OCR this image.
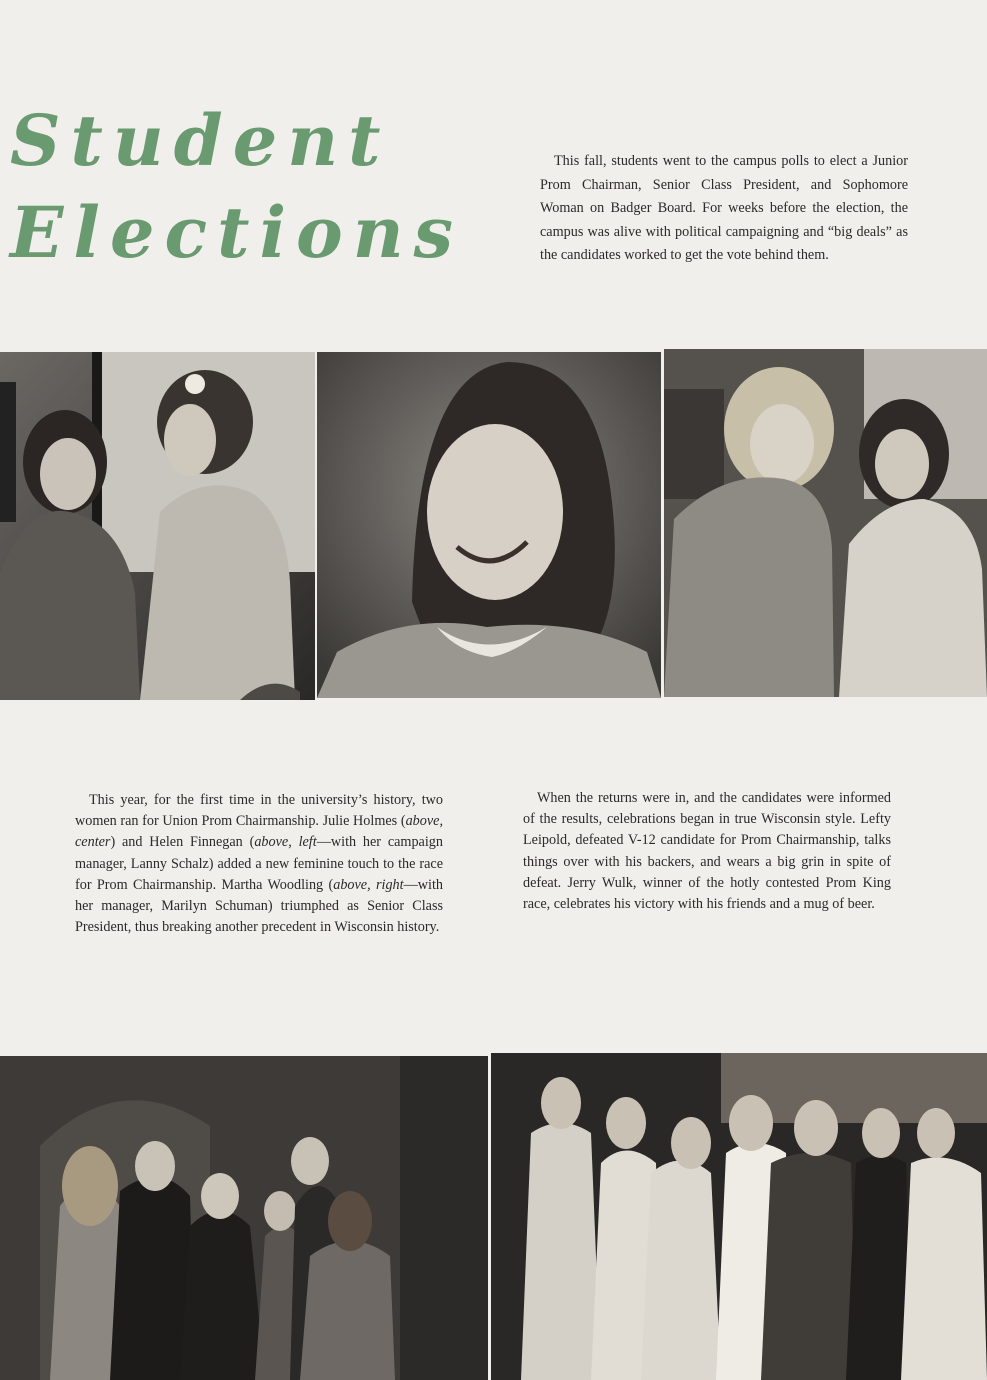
Student
Elections

This fall, students went to the campus polls to elect a Junior Prom Chairman, Senior Class President, and Sophomore Woman on Badger Board. For weeks before the election, the campus was alive with political campaigning and “big deals” as the candidates worked to get the vote behind them.

This year, for the first time in the university’s history, two women ran for Union Prom Chairmanship. Julie Holmes (above, center) and Helen Finnegan (above, left—with her campaign manager, Lanny Schalz) added a new feminine touch to the race for Prom Chairmanship. Martha Woodling (above, right—with her manager, Marilyn Schuman) triumphed as Senior Class President, thus breaking another precedent in Wisconsin history.

When the returns were in, and the candidates were informed of the results, celebrations began in true Wisconsin style. Lefty Leipold, defeated V-12 candidate for Prom Chairmanship, talks things over with his backers, and wears a big grin in spite of defeat. Jerry Wulk, winner of the hotly contested Prom King race, celebrates his victory with his friends and a mug of beer.
